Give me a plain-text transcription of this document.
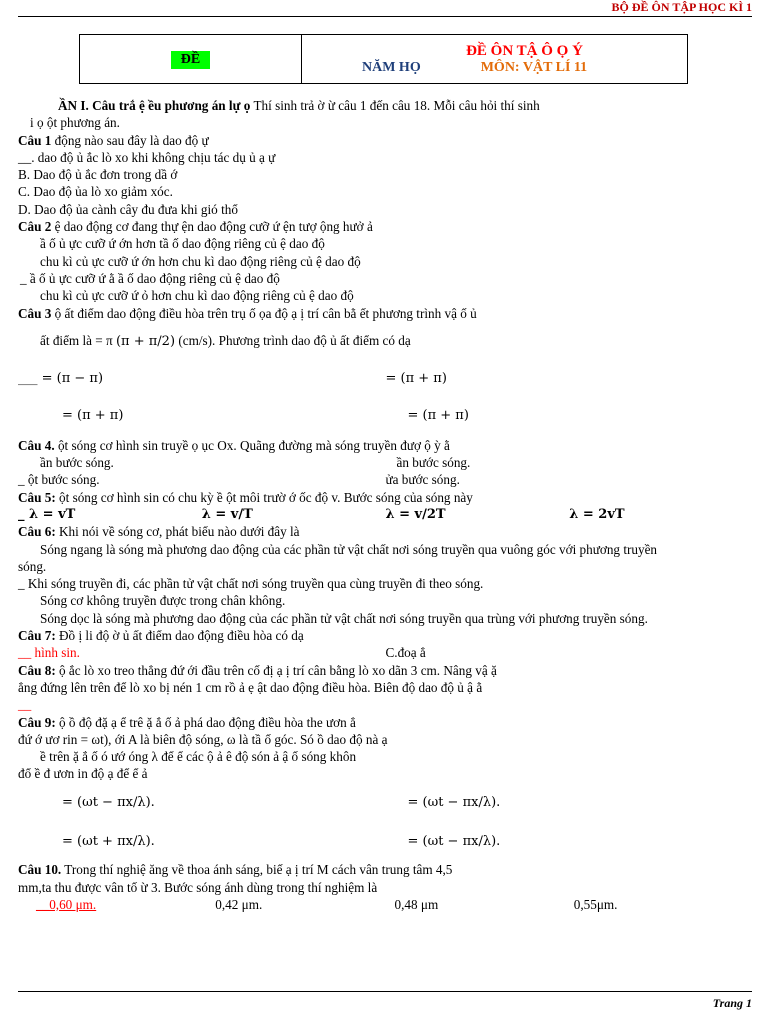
BỘ ĐỀ ÔN TẬP HỌC KÌ 1
ĐỀ	
ĐỀ ÔN TẬ Ô Ọ Ý
NĂM HỌ	MÔN: VẬT LÍ 11
ẦN I. Câu trắ ệ ều phương án lự ọ Thí sinh trả ờ ừ câu 1 đến câu 18. Mỗi câu hỏi thí sinh
i ọ ột phương án.
Câu 1 động nào sau đây là dao độ ự
__. dao độ ủ ắc lò xo khi không chịu tác dụ ủ ạ ự
B. Dao độ ủ ắc đơn trong dầ ớ
C. Dao độ ủa lò xo giảm xóc.
D. Dao độ ủa cành cây đu đưa khi gió thổ
Câu 2 ệ dao động cơ đang thự ện dao động cưỡ ứ ện tượ ộng hưở ả
ầ ố ủ ực cưỡ ứ ớn hơn tầ ố dao động riêng củ ệ dao độ
chu kì củ ực cưỡ ứ ớn hơn chu kì dao động riêng củ ệ dao độ
_ ầ ố ủ ực cưỡ ứ ằ ầ ố dao động riêng củ ệ dao độ
chu kì củ ực cưỡ ứ ỏ hơn chu kì dao động riêng củ ệ dao độ
Câu 3 ộ ất điểm dao động điều hòa trên trụ ố ọa độ ạ ị trí cân bằ ết phương trình vậ ố ủ
ất điểm là = π (π + π/2) (cm/s). Phương trình dao độ ủ ất điểm có dạ
___ = (π − π)	= (π + π)
= (π + π)	= (π + π)
Câu 4. ột sóng cơ hình sin truyề ọ ục Ox. Quãng đường mà sóng truyền đượ ộ ỳ ằ
ần bước sóng.	ần bước sóng.
_ ột bước sóng.	ửa bước sóng.
Câu 5: ột sóng cơ hình sin có chu kỳ ề ột môi trườ ớ ốc độ v. Bước sóng của sóng này
_ λ = vT	λ = v/T	λ = v/2T	λ = 2vT
Câu 6: Khi nói về sóng cơ, phát biểu nào dưới đây là
Sóng ngang là sóng mà phương dao động của các phần tử vật chất nơi sóng truyền qua vuông góc với phương truyền
sóng.
_ Khi sóng truyền đi, các phần tử vật chất nơi sóng truyền qua cùng truyền đi theo sóng.
Sóng cơ không truyền được trong chân không.
Sóng dọc là sóng mà phương dao động của các phần tử vật chất nơi sóng truyền qua trùng với phương truyền sóng.
Câu 7: Đồ ị li độ ờ ủ ất điểm dao động điều hòa có dạ
__ hình sin.	C.đoạ ẳ
Câu 8: ộ ắc lò xo treo thẳng đứ ới đầu trên cố đị ạ ị trí cân bằng lò xo dãn 3 cm. Nâng vậ ặ
ẳng đứng lên trên để lò xo bị nén 1 cm rồ ả ẹ ật dao động điều hòa. Biên độ dao độ ủ ậ ằ
__
Câu 9: ộ ồ độ đặ ạ ể trê ặ ắ ố ả phá dao động điều hòa the ươn ẳ
đứ ớ ươ rin = ωt), ới A là biên độ sóng, ω là tầ ố góc. Só ồ dao độ nà ạ
ề trên ặ ắ ố ó ướ óng λ để ể các ộ ả ê độ són ả ậ ố sóng khôn
đổ ề đ ươn in độ ạ để ể ả
= (ωt − πx/λ).	= (ωt − πx/λ).
= (ωt + πx/λ).	= (ωt − πx/λ).
Câu 10. Trong thí nghiệ ăng về thoa ánh sáng, biế ạ ị trí M cách vân trung tâm 4,5
mm,ta thu được vân tố ừ 3. Bước sóng ánh dùng trong thí nghiệm là
__0,60 μm.	0,42 μm.	0,48 μm	0,55μm.
Trang 1
